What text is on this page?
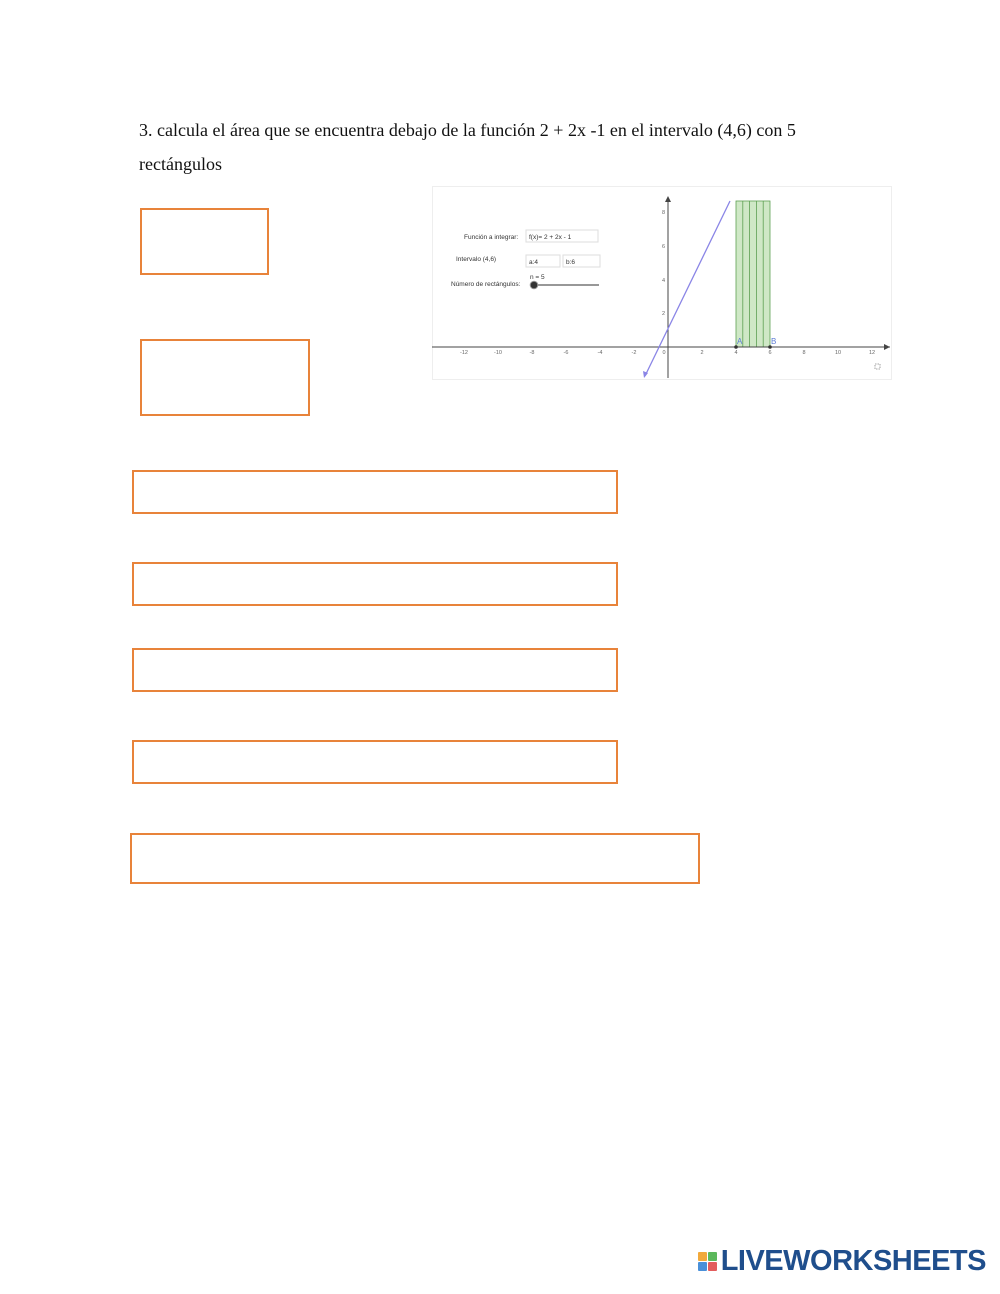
3. calcula el área que se encuentra debajo de la función 2 + 2x -1 en el intervalo (4,6) con 5 rectángulos
A	B
-12	-10	-8	-6	-4	-2	0	2	4	6	8	10	12
2
4
6
8
Función a integrar: f(x)= 2 + 2x - 1
Intervalo (4,6)	a:4	b:6
Número de rectángulos:
n = 5
LIVEWORKSHEETS
